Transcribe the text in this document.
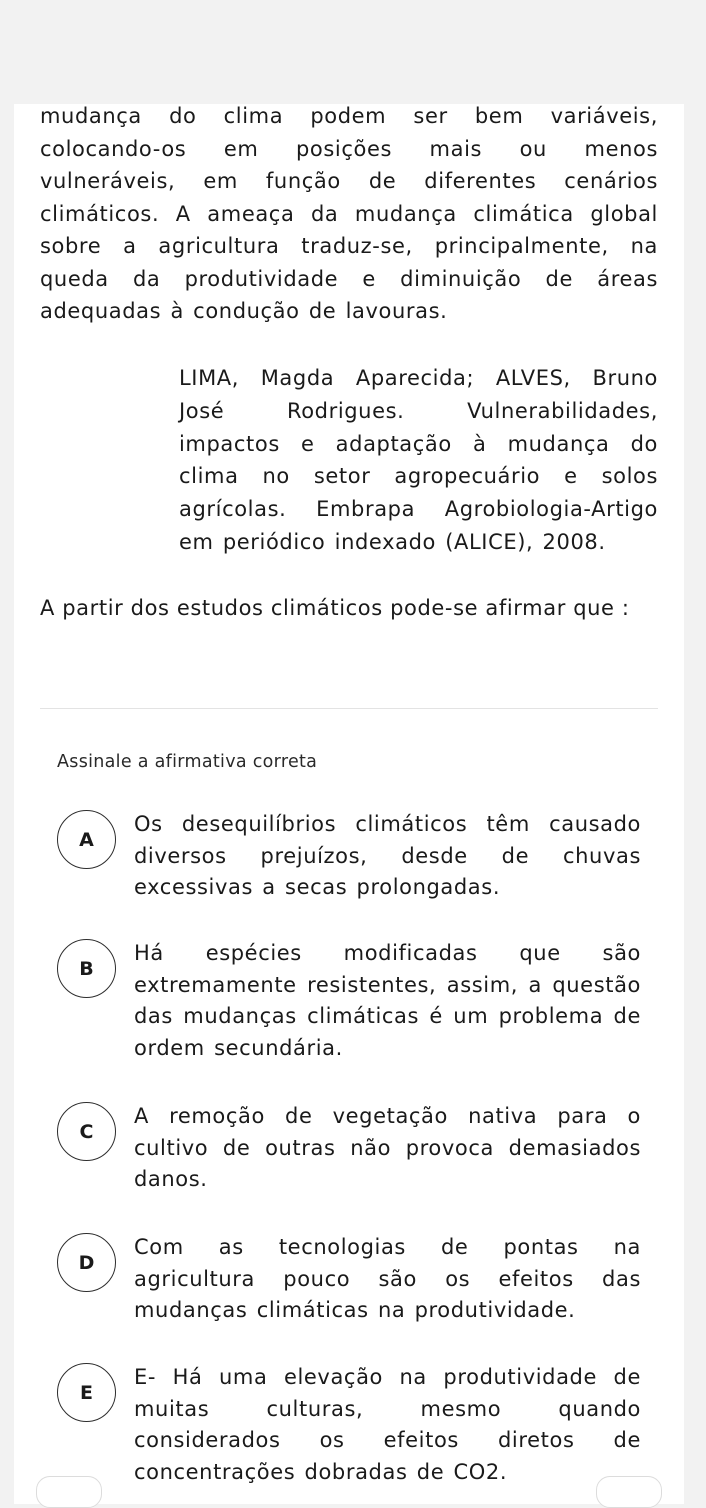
mudança do clima podem ser bem variáveis, colocando-os em posições mais ou menos vulneráveis, em função de diferentes cenários climáticos. A ameaça da mudança climática global sobre a agricultura traduz-se, principalmente, na queda da produtividade e diminuição de áreas adequadas à condução de lavouras.
LIMA, Magda Aparecida; ALVES, Bruno José Rodrigues. Vulnerabilidades, impactos e adaptação à mudança do clima no setor agropecuário e solos agrícolas. Embrapa Agrobiologia-Artigo em periódico indexado (ALICE), 2008.
A partir dos estudos climáticos pode-se afirmar que :
Assinale a afirmativa correta
A
Os desequilíbrios climáticos têm causado diversos prejuízos, desde de chuvas excessivas a secas prolongadas.
B
Há espécies modificadas que são extremamente resistentes, assim, a questão das mudanças climáticas é um problema de ordem secundária.
C
A remoção de vegetação nativa para o cultivo de outras não provoca demasiados danos.
D
Com as tecnologias de pontas na agricultura pouco são os efeitos das mudanças climáticas na produtividade.
E
E- Há uma elevação na produtividade de muitas culturas, mesmo quando considerados os efeitos diretos de concentrações dobradas de CO2.
